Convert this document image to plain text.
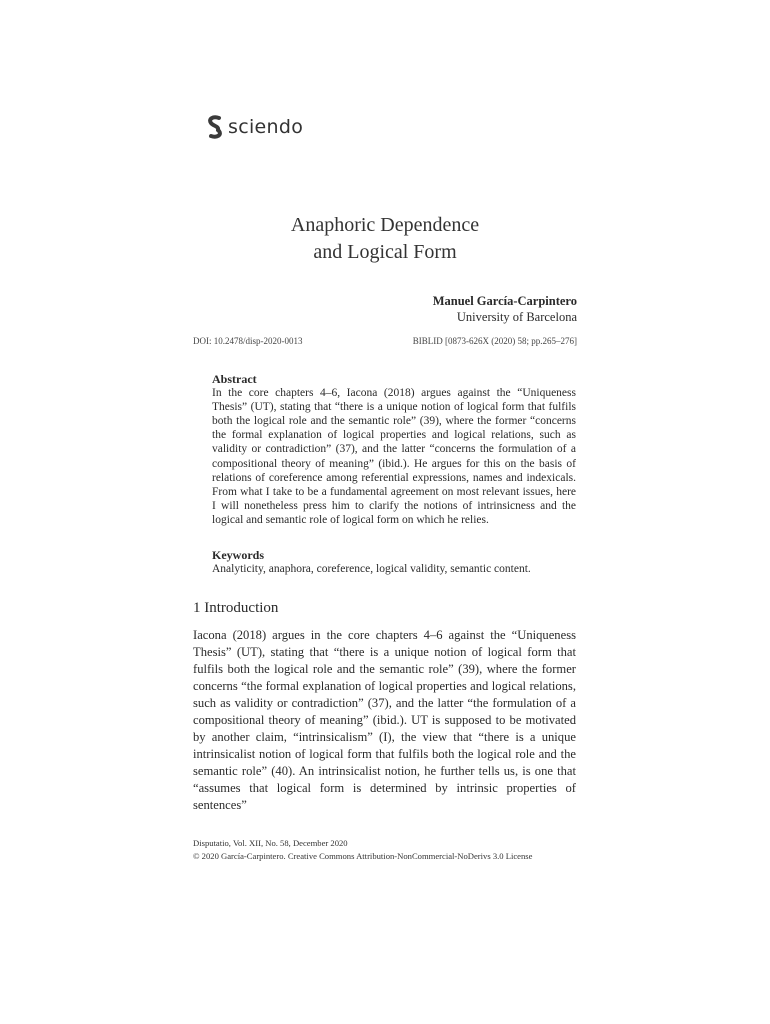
sciendo
Anaphoric Dependence
and Logical Form
Manuel García-Carpintero
University of Barcelona
DOI: 10.2478/disp-2020-0013	BIBLID [0873-626X (2020) 58; pp.265–276]
Abstract

In the core chapters 4–6, Iacona (2018) argues against the “Uniqueness Thesis” (UT), stating that “there is a unique notion of logical form that fulfils both the logical role and the semantic role” (39), where the former “concerns the formal explanation of logical properties and logical relations, such as validity or contradiction” (37), and the latter “concerns the formulation of a compositional theory of meaning” (ibid.). He argues for this on the basis of relations of coreference among referential expressions, names and indexicals. From what I take to be a fundamental agreement on most relevant issues, here I will nonetheless press him to clarify the notions of intrinsicness and the logical and semantic role of logical form on which he relies.

Keywords

Analyticity, anaphora, coreference, logical validity, semantic content.

1 Introduction

Iacona (2018) argues in the core chapters 4–6 against the “Uniqueness Thesis” (UT), stating that “there is a unique notion of logical form that fulfils both the logical role and the semantic role” (39), where the former concerns “the formal explanation of logical properties and logical relations, such as validity or contradiction” (37), and the latter “the formulation of a compositional theory of meaning” (ibid.). UT is supposed to be motivated by another claim, “intrinsicalism” (I), the view that “there is a unique intrinsicalist notion of logical form that fulfils both the logical role and the semantic role” (40). An intrinsicalist notion, he further tells us, is one that “assumes that logical form is determined by intrinsic properties of sentences”

Disputatio, Vol. XII, No. 58, December 2020
© 2020 García-Carpintero. Creative Commons Attribution-NonCommercial-NoDerivs 3.0 License
